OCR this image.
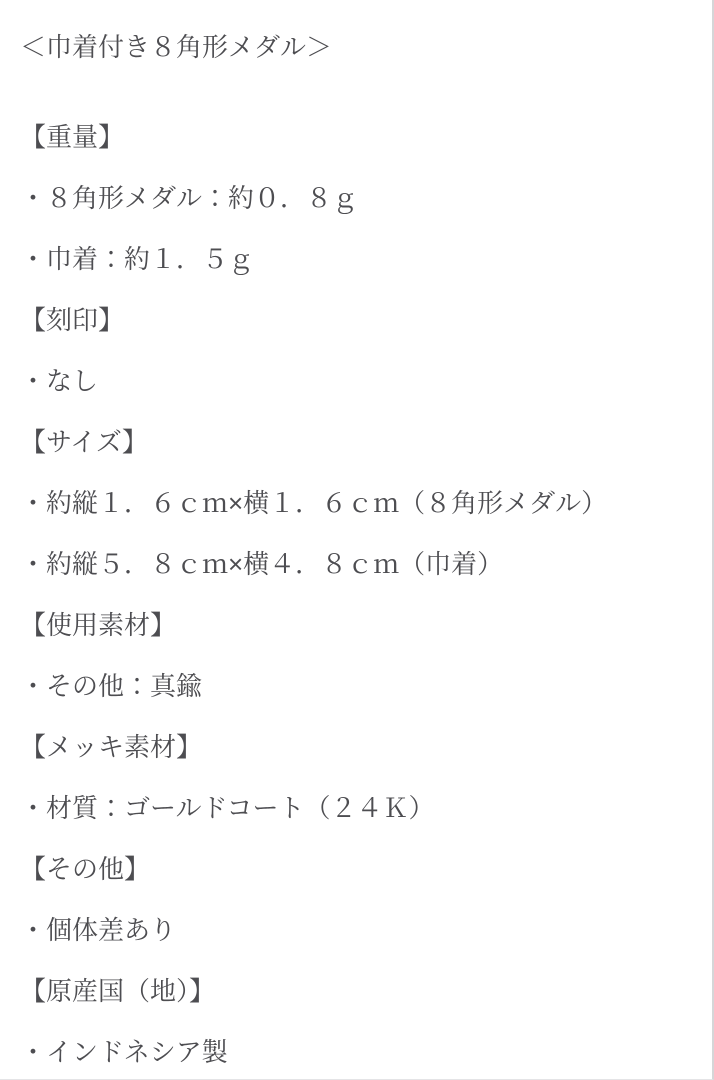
＜巾着付き８角形メダル＞

【重量】

・８角形メダル：約０．８ｇ

・巾着：約１．５ｇ

【刻印】

・なし

【サイズ】

・約縦１．６ｃｍ×横１．６ｃｍ（８角形メダル）

・約縦５．８ｃｍ×横４．８ｃｍ（巾着）

【使用素材】

・その他：真鍮

【メッキ素材】

・材質：ゴールドコート（２４Ｋ）

【その他】

・個体差あり

【原産国（地）】

・インドネシア製
